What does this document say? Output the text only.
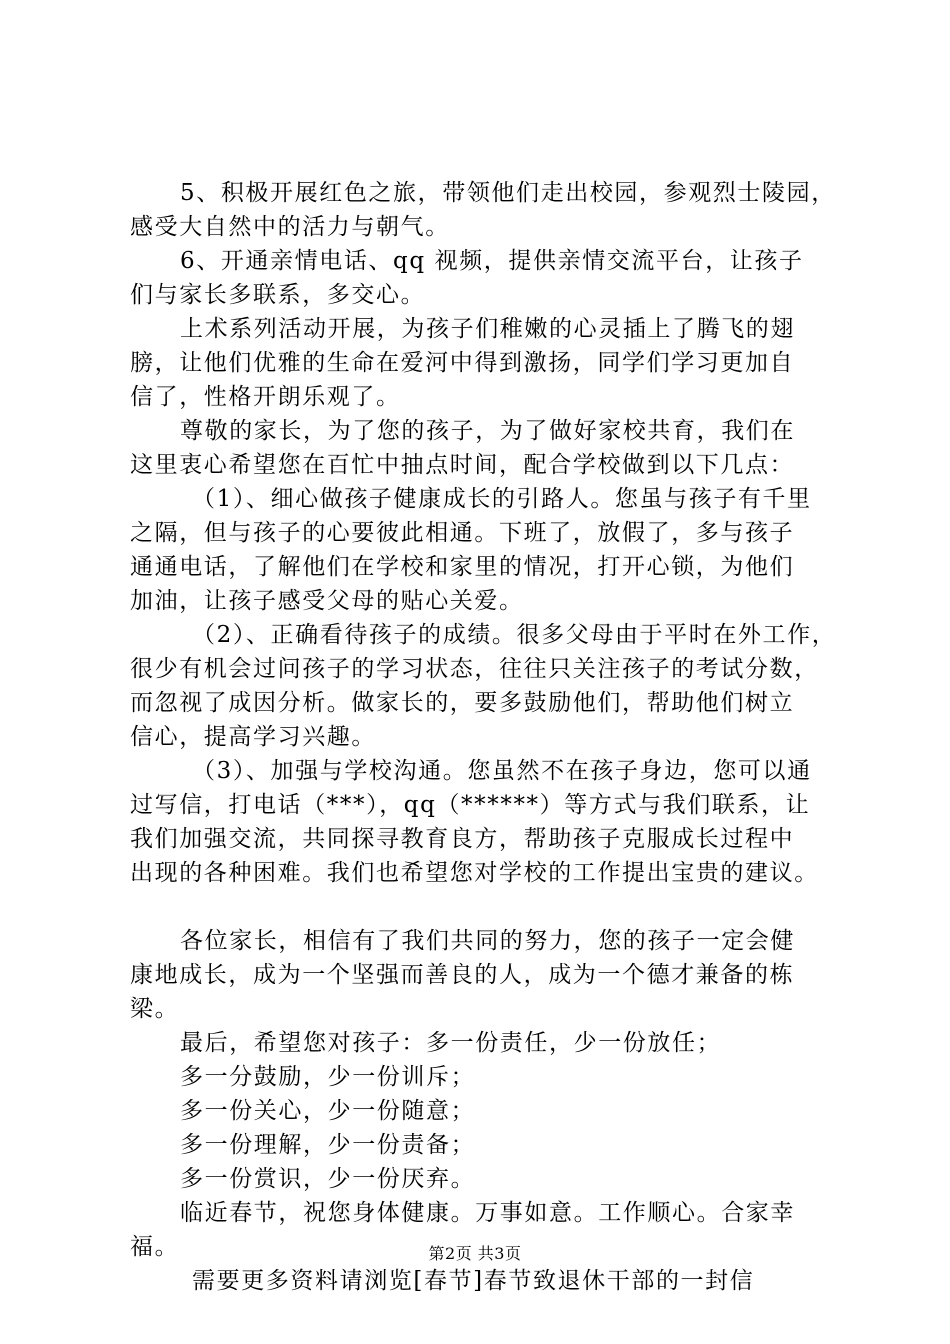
5、积极开展红色之旅，带领他们走出校园，参观烈士陵园，
感受大自然中的活力与朝气。
6、开通亲情电话、qq 视频，提供亲情交流平台，让孩子
们与家长多联系，多交心。
上术系列活动开展，为孩子们稚嫩的心灵插上了腾飞的翅
膀，让他们优雅的生命在爱河中得到激扬，同学们学习更加自
信了，性格开朗乐观了。
尊敬的家长，为了您的孩子，为了做好家校共育，我们在
这里衷心希望您在百忙中抽点时间，配合学校做到以下几点：
（1）、细心做孩子健康成长的引路人。您虽与孩子有千里
之隔，但与孩子的心要彼此相通。下班了，放假了，多与孩子
通通电话，了解他们在学校和家里的情况，打开心锁，为他们
加油，让孩子感受父母的贴心关爱。
（2）、正确看待孩子的成绩。很多父母由于平时在外工作，
很少有机会过问孩子的学习状态，往往只关注孩子的考试分数，
而忽视了成因分析。做家长的，要多鼓励他们，帮助他们树立
信心，提高学习兴趣。
（3）、加强与学校沟通。您虽然不在孩子身边，您可以通
过写信，打电话（***），qq（******）等方式与我们联系，让
我们加强交流，共同探寻教育良方，帮助孩子克服成长过程中
出现的各种困难。我们也希望您对学校的工作提出宝贵的建议。
各位家长，相信有了我们共同的努力，您的孩子一定会健
康地成长，成为一个坚强而善良的人，成为一个德才兼备的栋
梁。
最后，希望您对孩子：多一份责任，少一份放任；
多一分鼓励，少一份训斥；
多一份关心，少一份随意；
多一份理解，少一份责备；
多一份赏识，少一份厌弃。
临近春节，祝您身体健康。万事如意。工作顺心。合家幸
福。
需要更多资料请浏览[春节]春节致退休干部的一封信
第2页 共3页
